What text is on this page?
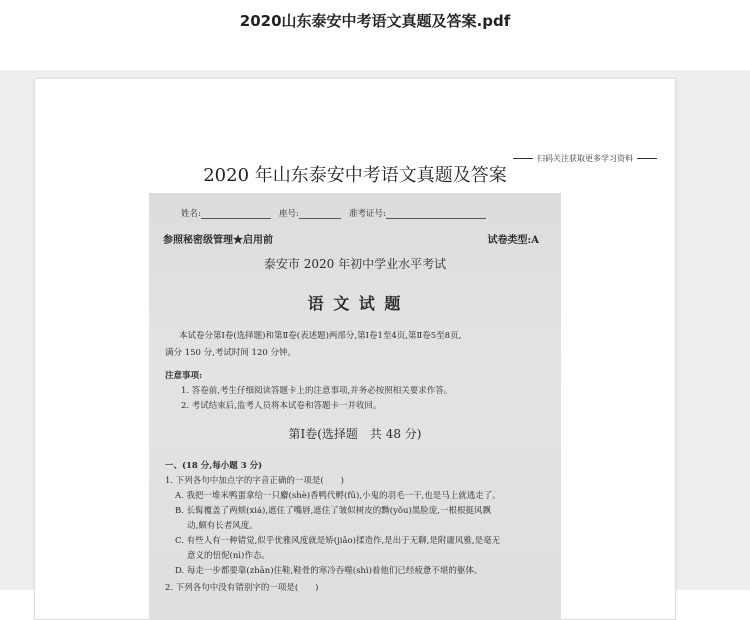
2020山东泰安中考语文真题及答案.pdf
扫码关注获取更多学习资料
2020 年山东泰安中考语文真题及答案
姓名:	座号:	准考证号:
参照秘密级管理★启用前	试卷类型:A
泰安市 2020 年初中学业水平考试
语 文 试 题
本试卷分第Ⅰ卷(选择题)和第Ⅱ卷(表述题)两部分,第Ⅰ卷1至4页,第Ⅱ卷5至8页,
满分 150 分,考试时间 120 分钟。
注意事项:
1. 答卷前,考生仔细阅读答题卡上的注意事项,并务必按照相关要求作答。
2. 考试结束后,监考人员将本试卷和答题卡一并收回。
第Ⅰ卷(选择题　共 48 分)
一、(18 分,每小题 3 分)
1. 下列各句中加点字的字音正确的一项是(　　)
A. 我把一堆米鸭蛋拿给一只麝(shè)香鸭代孵(fū),小鬼的羽毛一干,也是马上就逃走了。
B. 长髯覆盖了两颊(xiá),遮住了嘴唇,遮住了皱似树皮的黝(yǒu)黑脸庞,一根根挺风飘
动,颇有长者风度。
C. 有些人有一种错觉,似乎优雅风度就是矫(jiǎo)揉造作,是出于无聊,是附庸风雅,是毫无
意义的忸怩(nì)作态。
D. 每走一步都要靠(zhān)住鞋,鞋骨的寒冷吞噬(shì)着他们已经疲惫不堪的躯体。
2. 下列各句中没有错别字的一项是(　　)
